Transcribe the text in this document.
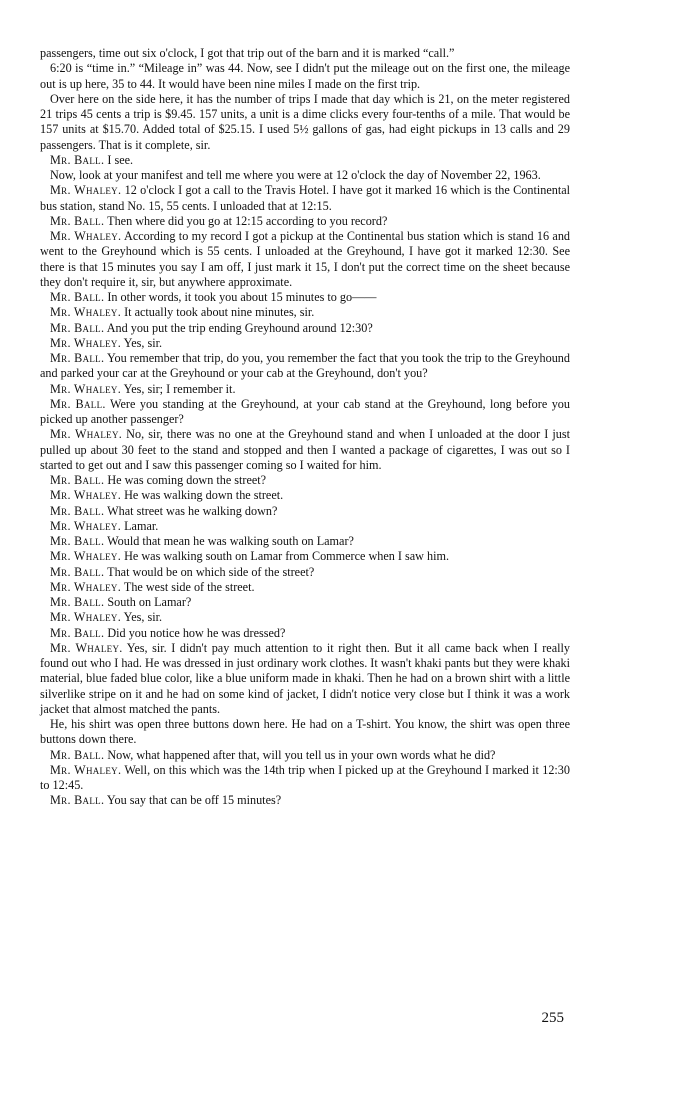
passengers, time out six o'clock, I got that trip out of the barn and it is marked “call.”

6:20 is “time in.” “Mileage in” was 44. Now, see I didn't put the mileage out on the first one, the mileage out is up here, 35 to 44. It would have been nine miles I made on the first trip.

Over here on the side here, it has the number of trips I made that day which is 21, on the meter registered 21 trips 45 cents a trip is $9.45. 157 units, a unit is a dime clicks every four-tenths of a mile. That would be 157 units at $15.70. Added total of $25.15. I used 5½ gallons of gas, had eight pickups in 13 calls and 29 passengers. That is it complete, sir.

Mr. Ball. I see.

Now, look at your manifest and tell me where you were at 12 o'clock the day of November 22, 1963.

Mr. Whaley. 12 o'clock I got a call to the Travis Hotel. I have got it marked 16 which is the Continental bus station, stand No. 15, 55 cents. I unloaded that at 12:15.

Mr. Ball. Then where did you go at 12:15 according to you record?

Mr. Whaley. According to my record I got a pickup at the Continental bus station which is stand 16 and went to the Greyhound which is 55 cents. I unloaded at the Greyhound, I have got it marked 12:30. See there is that 15 minutes you say I am off, I just mark it 15, I don't put the correct time on the sheet because they don't require it, sir, but anywhere approximate.

Mr. Ball. In other words, it took you about 15 minutes to go——

Mr. Whaley. It actually took about nine minutes, sir.

Mr. Ball. And you put the trip ending Greyhound around 12:30?

Mr. Whaley. Yes, sir.

Mr. Ball. You remember that trip, do you, you remember the fact that you took the trip to the Greyhound and parked your car at the Greyhound or your cab at the Greyhound, don't you?

Mr. Whaley. Yes, sir; I remember it.

Mr. Ball. Were you standing at the Greyhound, at your cab stand at the Greyhound, long before you picked up another passenger?

Mr. Whaley. No, sir, there was no one at the Greyhound stand and when I unloaded at the door I just pulled up about 30 feet to the stand and stopped and then I wanted a package of cigarettes, I was out so I started to get out and I saw this passenger coming so I waited for him.

Mr. Ball. He was coming down the street?

Mr. Whaley. He was walking down the street.

Mr. Ball. What street was he walking down?

Mr. Whaley. Lamar.

Mr. Ball. Would that mean he was walking south on Lamar?

Mr. Whaley. He was walking south on Lamar from Commerce when I saw him.

Mr. Ball. That would be on which side of the street?

Mr. Whaley. The west side of the street.

Mr. Ball. South on Lamar?

Mr. Whaley. Yes, sir.

Mr. Ball. Did you notice how he was dressed?

Mr. Whaley. Yes, sir. I didn't pay much attention to it right then. But it all came back when I really found out who I had. He was dressed in just ordinary work clothes. It wasn't khaki pants but they were khaki material, blue faded blue color, like a blue uniform made in khaki. Then he had on a brown shirt with a little silverlike stripe on it and he had on some kind of jacket, I didn't notice very close but I think it was a work jacket that almost matched the pants.

He, his shirt was open three buttons down here. He had on a T-shirt. You know, the shirt was open three buttons down there.

Mr. Ball. Now, what happened after that, will you tell us in your own words what he did?

Mr. Whaley. Well, on this which was the 14th trip when I picked up at the Greyhound I marked it 12:30 to 12:45.

Mr. Ball. You say that can be off 15 minutes?

255
